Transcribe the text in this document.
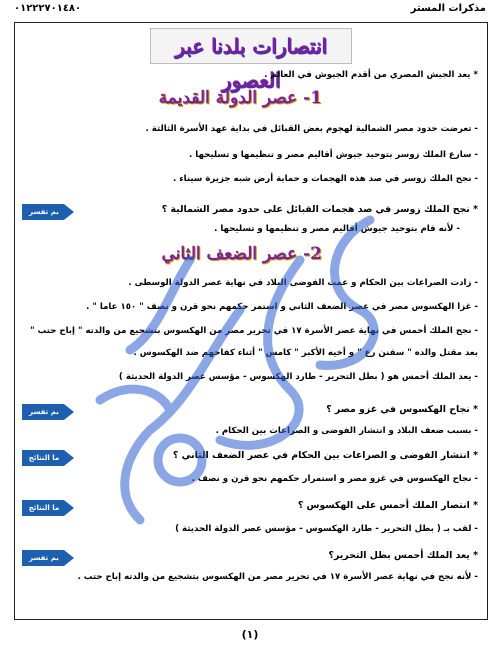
مذكرات المستر
٠١٢٢٢٧٠١٤٨٠
انتصارات بلدنا عبر العصور
* يعد الجيش المصري من أقدم الجيوش في العالم .
1- عصر الدولة القديمة
- تعرضت حدود مصر الشمالية لهجوم بعض القبائل في بداية عهد الأسرة الثالثة .
- سارع الملك زوسر بتوحيد جيوش أقاليم مصر و تنظيمها و تسليحها .
- نجح الملك زوسر في صد هذه الهجمات و حماية أرض شبه جزيرة سيناء .
بم تفسر	* نجح الملك زوسر في صد هجمات القبائل على حدود مصر الشمالية ؟
- لأنه قام بتوحيد جيوش أقاليم مصر و تنظيمها و تسليحها .
2- عصر الضعف الثاني
- زادت الصراعات بين الحكام و عمت الفوضى البلاد في نهاية عصر الدولة الوسطى .
- غزا الهكسوس مصر في عصر الضعف الثاني و استمر حكمهم نحو قرن و نصف " ١٥٠ عاما " .
- نجح الملك أحمس في نهاية عصر الأسرة ١٧ في تحرير مصر من الهكسوس بتشجيع من والدته " إباح حتب "
بعد مقتل والده " سقنن رع " و أخيه الأكبر " كامس " أثناء كفاحهم ضد الهكسوس .
- يعد الملك أحمس هو ( بطل التحرير - طارد الهكسوس - مؤسس عصر الدولة الحديثة )
بم تفسر	* نجاح الهكسوس في غزو مصر ؟
- بسبب ضعف البلاد و انتشار الفوضى و الصراعات بين الحكام .
ما النتائج	* انتشار الفوضى و الصراعات بين الحكام في عصر الضعف الثاني ؟
- نجاح الهكسوس في غزو مصر و استمرار حكمهم نحو قرن و نصف .
ما النتائج	* انتصار الملك أحمس على الهكسوس ؟
- لقب بـ ( بطل التحرير - طارد الهكسوس - مؤسس عصر الدولة الحديثة )
بم تفسر	* يعد الملك أحمس بطل التحرير؟
- لأنه نجح في نهاية عصر الأسرة ١٧ في تحرير مصر من الهكسوس بتشجيع من والدته إباح حتب .
(١)
